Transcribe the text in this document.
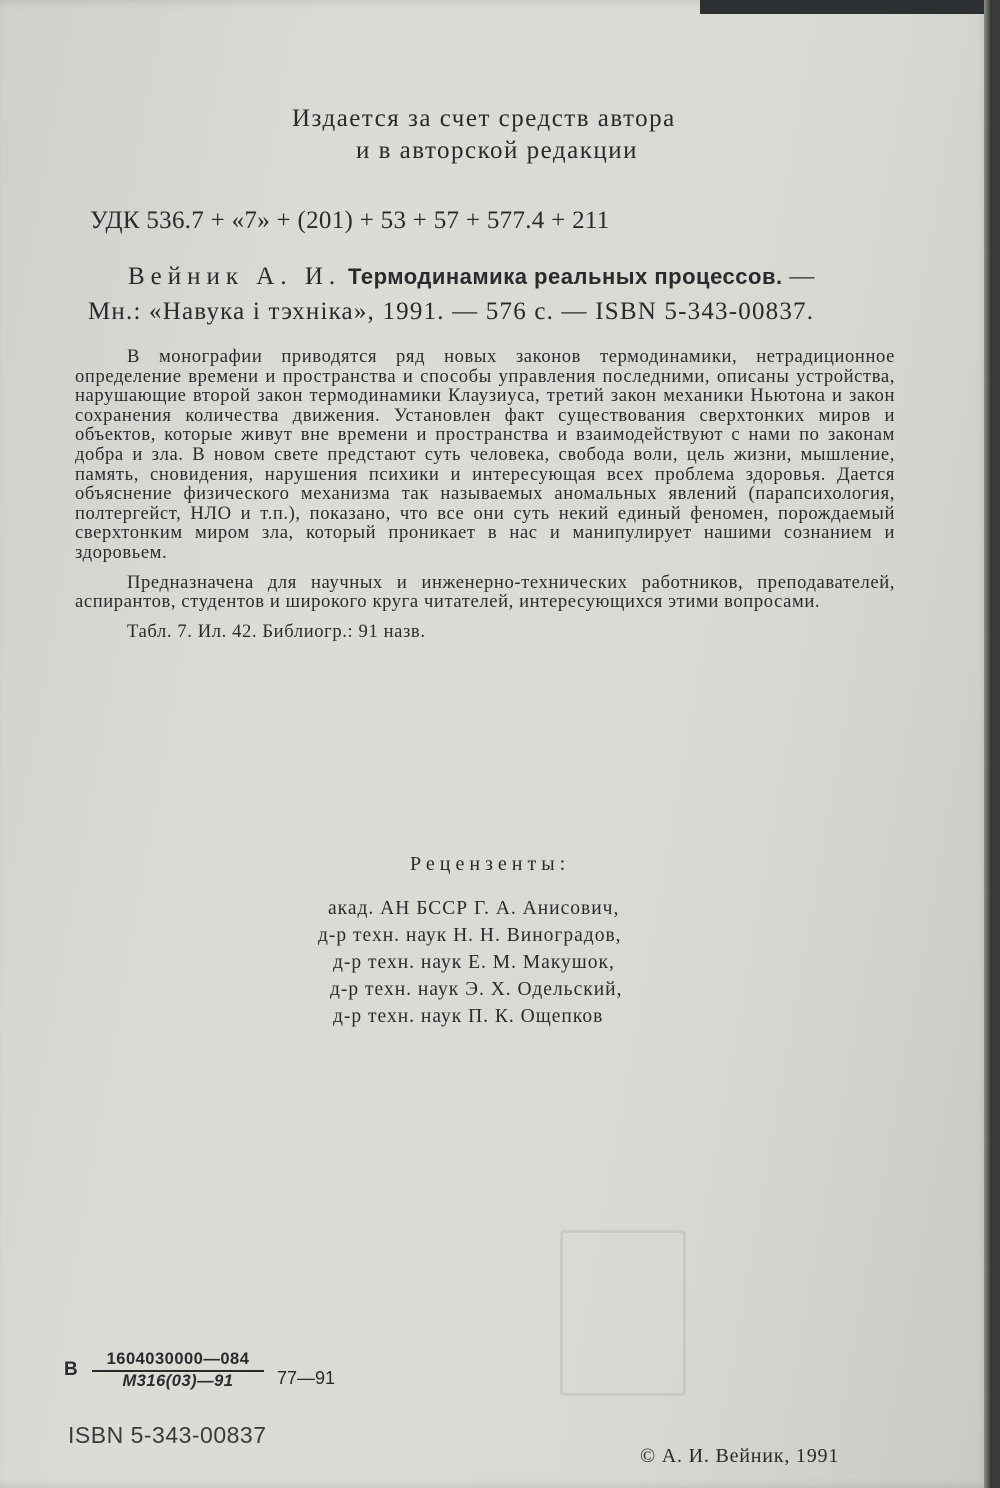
Издается за счет средств автора
и в авторской редакции
УДК 536.7 + «7» + (201) + 53 + 57 + 577.4 + 211
Вейник А. И. Термодинамика реальных процессов. —
Мн.: «Навука і тэхніка», 1991. — 576 с. — ISBN 5-343-00837.

В монографии приводятся ряд новых законов термодинамики, нетрадиционное определение времени и пространства и способы управления последними, описаны устройства, нарушающие второй закон термодинамики Клаузиуса, третий закон механики Ньютона и закон сохранения количества движения. Установлен факт существования сверхтонких миров и объектов, которые живут вне времени и пространства и взаимодействуют с нами по законам добра и зла. В новом свете предстают суть человека, свобода воли, цель жизни, мышление, память, сновидения, нарушения психики и интересующая всех проблема здоровья. Дается объяснение физического механизма так называемых аномальных явлений (парапсихология, полтергейст, НЛО и т.п.), показано, что все они суть некий единый феномен, порождаемый сверхтонким миром зла, который проникает в нас и манипулирует нашими сознанием и здоровьем.

Предназначена для научных и инженерно-технических работников, преподавателей, аспирантов, студентов и широкого круга читателей, интересующихся этими вопросами.

Табл. 7. Ил. 42. Библиогр.: 91 назв.

Рецензенты:
акад. АН БССР Г. А. Анисович,
д-р техн. наук Н. Н. Виноградов,
д-р техн. наук Е. М. Макушок,
д-р техн. наук Э. Х. Одельский,
д-р техн. наук П. К. Ощепков
В	1604030000—084
М316(03)—91	77—91
ISBN 5-343-00837
© А. И. Вейник, 1991
